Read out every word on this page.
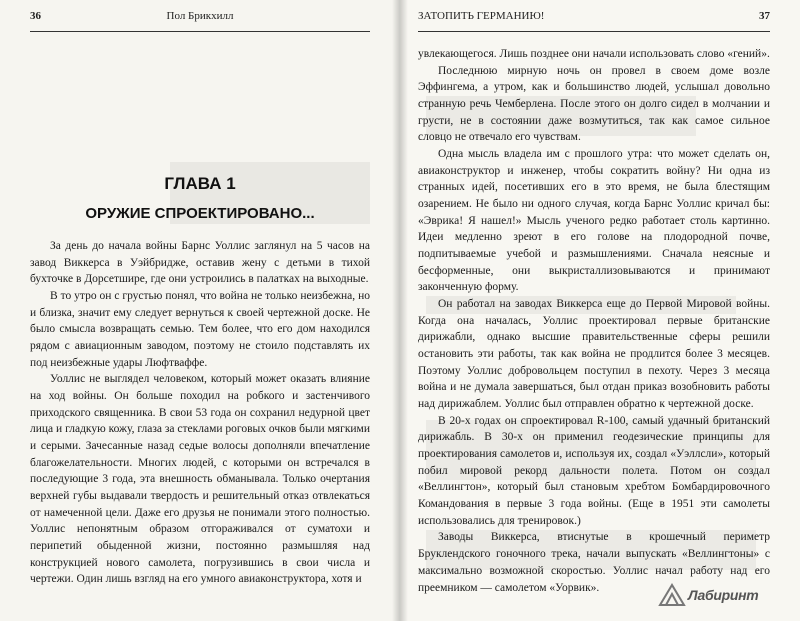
36	Пол Брикхилл
ГЛАВА 1
ОРУЖИЕ СПРОЕКТИРОВАНО...

За день до начала войны Барнс Уоллис заглянул на 5 часов на завод Виккерса в Уэйбридже, оставив жену с детьми в тихой бухточке в Дорсетшире, где они устроились в палатках на выходные.

В то утро он с грустью понял, что война не только неизбежна, но и близка, значит ему следует вернуться к своей чертежной доске. Не было смысла возвращать семью. Тем более, что его дом находился рядом с авиационным заводом, поэтому не стоило подставлять их под неизбежные удары Люфтваффе.

Уоллис не выглядел человеком, который может оказать влияние на ход войны. Он больше походил на робкого и застенчивого приходского священника. В свои 53 года он сохранил недурной цвет лица и гладкую кожу, глаза за стеклами роговых очков были мягкими и серыми. Зачесанные назад седые волосы дополняли впечатление благожелательности. Многих людей, с которыми он встречался в последующие 3 года, эта внешность обманывала. Только очертания верхней губы выдавали твердость и решительный отказ отвлекаться от намеченной цели. Даже его друзья не понимали этого полностью. Уоллис непонятным образом отгораживался от суматохи и перипетий обыденной жизни, постоянно размышляя над конструкцией нового самолета, погрузившись в свои числа и чертежи. Один лишь взгляд на его умного авиаконструктора, хотя и

ЗАТОПИТЬ ГЕРМАНИЮ!	37

увлекающегося. Лишь позднее они начали использовать слово «гений».

Последнюю мирную ночь он провел в своем доме возле Эффингема, а утром, как и большинство людей, услышал довольно странную речь Чемберлена. После этого он долго сидел в молчании и грусти, не в состоянии даже возмутиться, так как самое сильное словцо не отвечало его чувствам.

Одна мысль владела им с прошлого утра: что может сделать он, авиаконструктор и инженер, чтобы сократить войну? Ни одна из странных идей, посетивших его в это время, не была блестящим озарением. Не было ни одного случая, когда Барнс Уоллис кричал бы: «Эврика! Я нашел!» Мысль ученого редко работает столь картинно. Идеи медленно зреют в его голове на плодородной почве, подпитываемые учебой и размышлениями. Сначала неясные и бесформенные, они выкристаллизовываются и принимают законченную форму.

Он работал на заводах Виккерса еще до Первой Мировой войны. Когда она началась, Уоллис проектировал первые британские дирижабли, однако высшие правительственные сферы решили остановить эти работы, так как война не продлится более 3 месяцев. Поэтому Уоллис добровольцем поступил в пехоту. Через 3 месяца война и не думала завершаться, был отдан приказ возобновить работы над дирижаблем. Уоллис был отправлен обратно к чертежной доске.

В 20-х годах он спроектировал R-100, самый удачный британский дирижабль. В 30-х он применил геодезические принципы для проектирования самолетов и, используя их, создал «Уэллсли», который побил мировой рекорд дальности полета. Потом он создал «Веллингтон», который был становым хребтом Бомбардировочного Командования в первые 3 года войны. (Еще в 1951 эти самолеты использовались для тренировок.)

Заводы Виккерса, втиснутые в крошечный периметр Бруклендского гоночного трека, начали выпускать «Веллингтоны» с максимально возможной скоростью. Уоллис начал работу над его преемником — самолетом «Уорвик».	Лабиринт
